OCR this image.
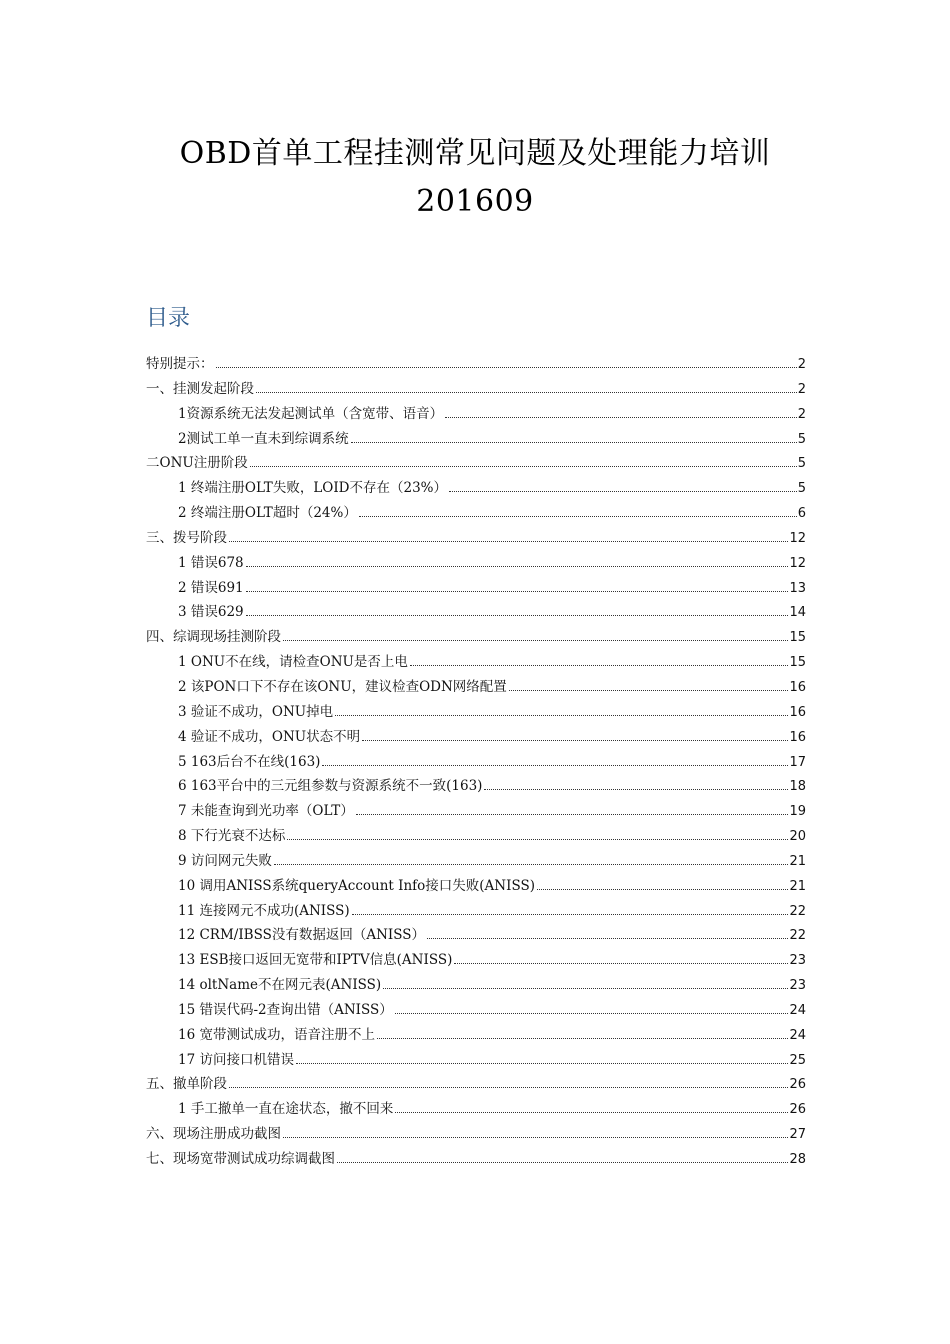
OBD首单工程挂测常见问题及处理能力培训
201609
目录
特别提示：	2
一、挂测发起阶段	2
1资源系统无法发起测试单（含宽带、语音）	2
2测试工单一直未到综调系统	5
二ONU注册阶段	5
1 终端注册OLT失败，LOID不存在（23%）	5
2 终端注册OLT超时（24%）	6
三、拨号阶段	12
1 错误678	12
2 错误691	13
3 错误629	14
四、综调现场挂测阶段	15
1 ONU不在线，请检查ONU是否上电	15
2 该PON口下不存在该ONU，建议检查ODN网络配置	16
3 验证不成功，ONU掉电	16
4 验证不成功，ONU状态不明	16
5 163后台不在线(163)	17
6 163平台中的三元组参数与资源系统不一致(163)	18
7 未能查询到光功率（OLT）	19
8 下行光衰不达标	20
9 访问网元失败	21
10 调用ANISS系统queryAccount Info接口失败(ANISS)	21
11 连接网元不成功(ANISS)	22
12 CRM/IBSS没有数据返回（ANISS）	22
13 ESB接口返回无宽带和IPTV信息(ANISS)	23
14 oltName不在网元表(ANISS)	23
15 错误代码-2查询出错（ANISS）	24
16 宽带测试成功，语音注册不上	24
17 访问接口机错误	25
五、撤单阶段	26
1 手工撤单一直在途状态，撤不回来	26
六、现场注册成功截图	27
七、现场宽带测试成功综调截图	28
